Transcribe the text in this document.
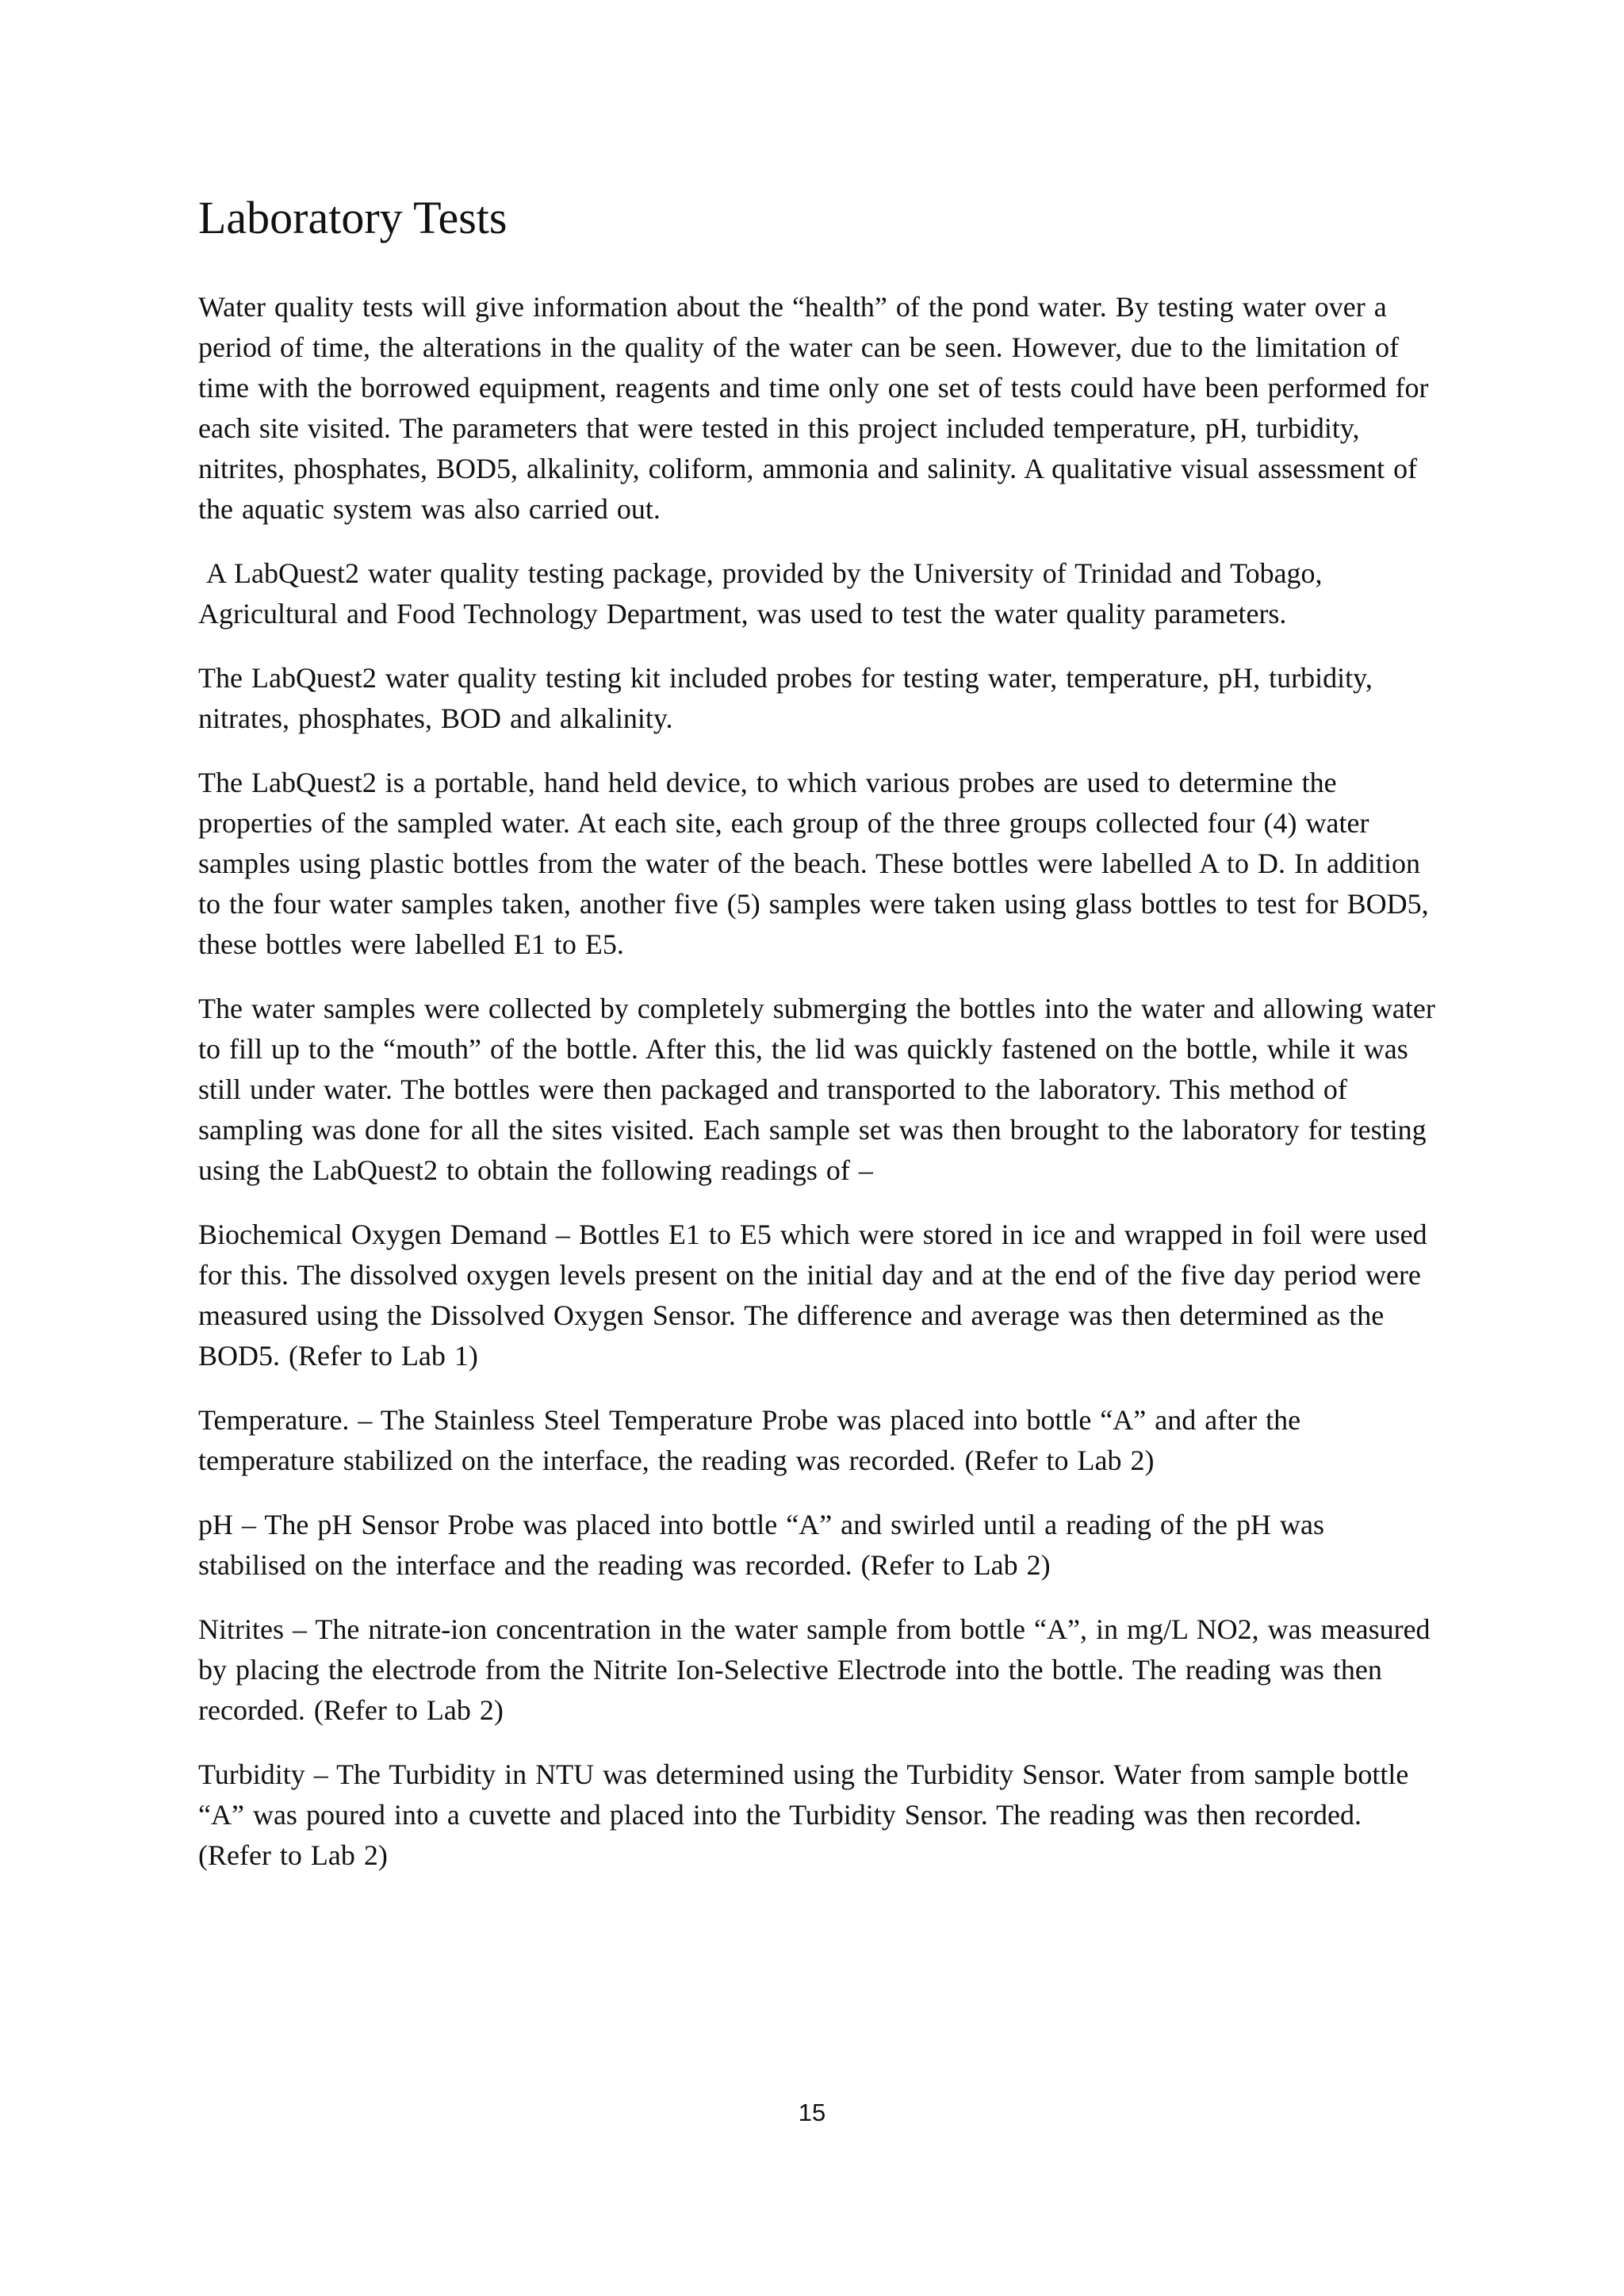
Laboratory Tests

Water quality tests will give information about the “health” of the pond water. By testing water over a period of time, the alterations in the quality of the water can be seen. However, due to the limitation of time with the borrowed equipment, reagents and time only one set of tests could have been performed for each site visited. The parameters that were tested in this project included temperature, pH, turbidity, nitrites, phosphates, BOD5, alkalinity, coliform, ammonia and salinity. A qualitative visual assessment of the aquatic system was also carried out.

A LabQuest2 water quality testing package, provided by the University of Trinidad and Tobago, Agricultural and Food Technology Department, was used to test the water quality parameters.

The LabQuest2 water quality testing kit included probes for testing water, temperature, pH, turbidity, nitrates, phosphates, BOD and alkalinity.

The LabQuest2 is a portable, hand held device, to which various probes are used to determine the properties of the sampled water. At each site, each group of the three groups collected four (4) water samples using plastic bottles from the water of the beach. These bottles were labelled A to D. In addition to the four water samples taken, another five (5) samples were taken using glass bottles to test for BOD5, these bottles were labelled E1 to E5.

The water samples were collected by completely submerging the bottles into the water and allowing water to fill up to the “mouth” of the bottle. After this, the lid was quickly fastened on the bottle, while it was still under water. The bottles were then packaged and transported to the laboratory. This method of sampling was done for all the sites visited. Each sample set was then brought to the laboratory for testing using the LabQuest2 to obtain the following readings of –

Biochemical Oxygen Demand – Bottles E1 to E5 which were stored in ice and wrapped in foil were used for this. The dissolved oxygen levels present on the initial day and at the end of the five day period were measured using the Dissolved Oxygen Sensor. The difference and average was then determined as the BOD5. (Refer to Lab 1)

Temperature. – The Stainless Steel Temperature Probe was placed into bottle “A” and after the temperature stabilized on the interface, the reading was recorded. (Refer to Lab 2)

pH – The pH Sensor Probe was placed into bottle “A” and swirled until a reading of the pH was stabilised on the interface and the reading was recorded. (Refer to Lab 2)

Nitrites – The nitrate-ion concentration in the water sample from bottle “A”, in mg/L NO2, was measured by placing the electrode from the Nitrite Ion-Selective Electrode into the bottle. The reading was then recorded. (Refer to Lab 2)

Turbidity – The Turbidity in NTU was determined using the Turbidity Sensor. Water from sample bottle “A” was poured into a cuvette and placed into the Turbidity Sensor. The reading was then recorded. (Refer to Lab 2)

15
